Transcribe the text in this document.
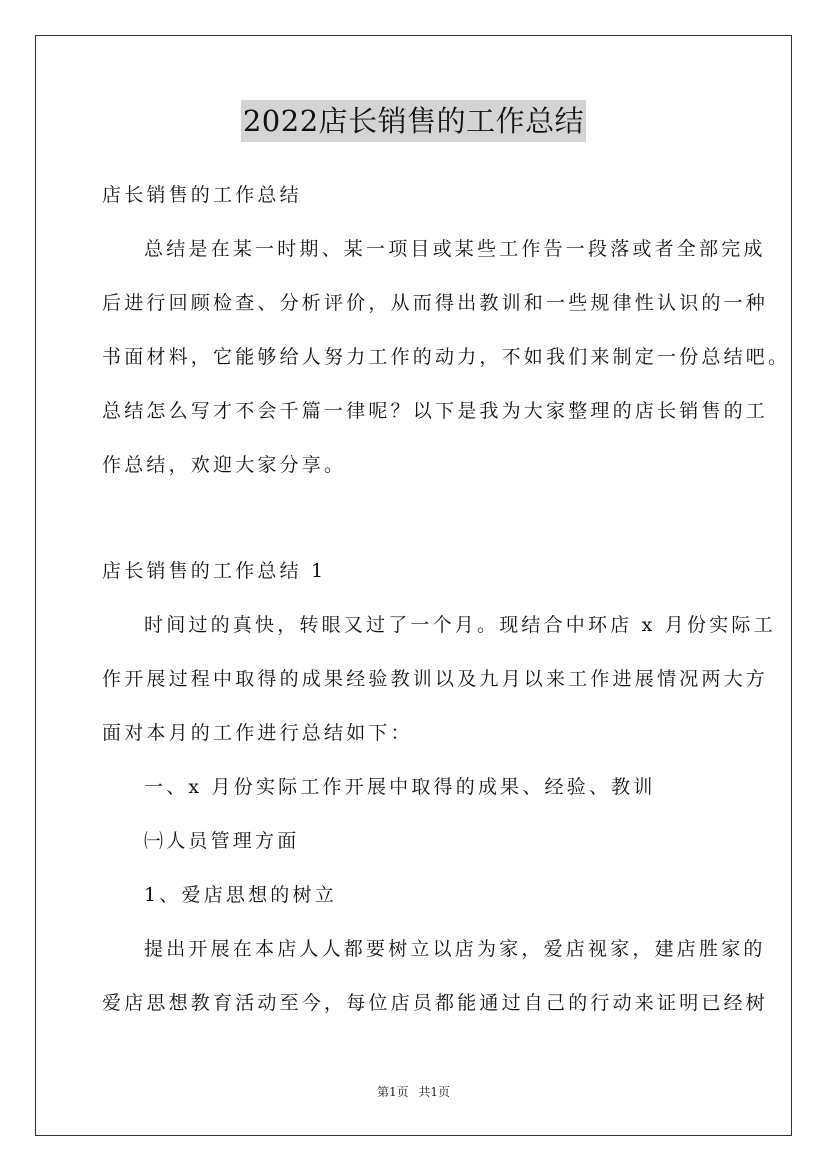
2022店长销售的工作总结
店长销售的工作总结
总结是在某一时期、某一项目或某些工作告一段落或者全部完成
后进行回顾检查、分析评价，从而得出教训和一些规律性认识的一种
书面材料，它能够给人努力工作的动力，不如我们来制定一份总结吧。
总结怎么写才不会千篇一律呢？以下是我为大家整理的店长销售的工
作总结，欢迎大家分享。
店长销售的工作总结 1
时间过的真快，转眼又过了一个月。现结合中环店 x 月份实际工
作开展过程中取得的成果经验教训以及九月以来工作进展情况两大方
面对本月的工作进行总结如下：
一、x 月份实际工作开展中取得的成果、经验、教训
㈠人员管理方面
1、爱店思想的树立
提出开展在本店人人都要树立以店为家，爱店视家，建店胜家的
爱店思想教育活动至今，每位店员都能通过自己的行动来证明已经树
第1页 共1页
